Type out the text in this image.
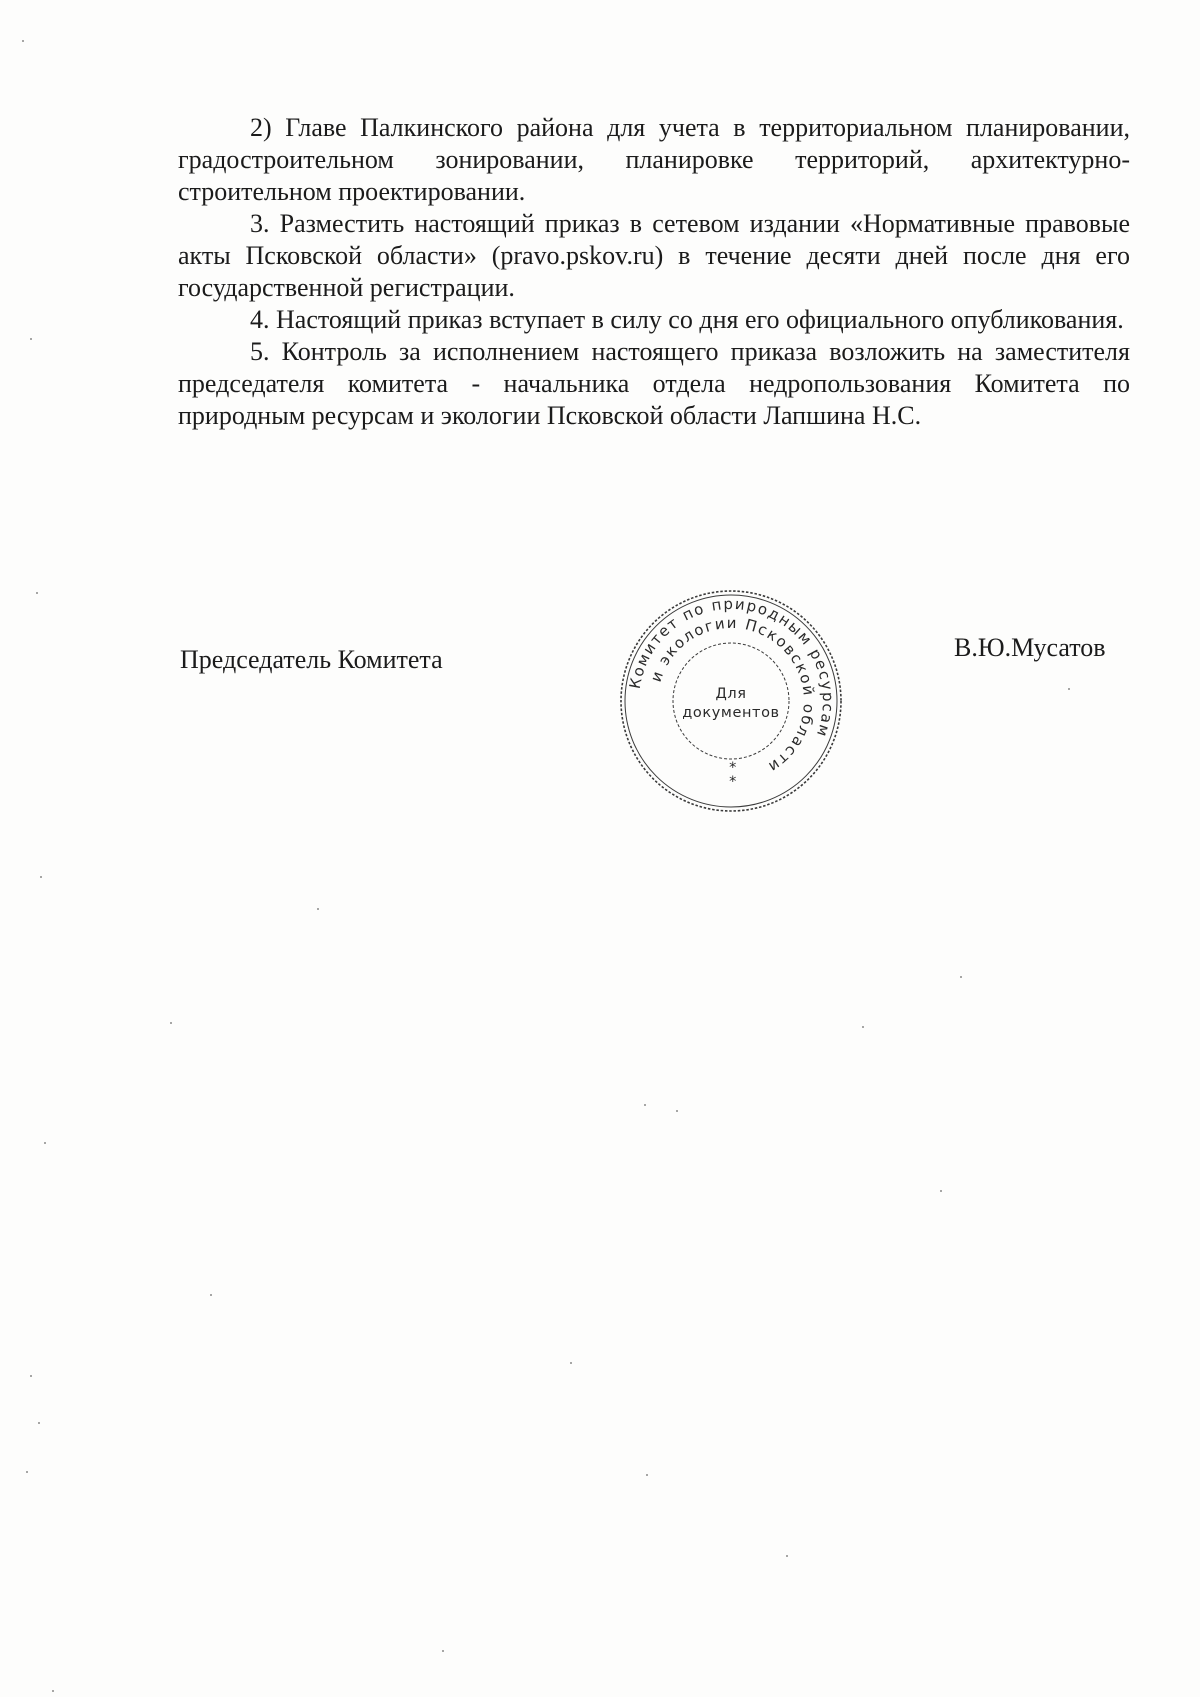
2) Главе Палкинского района для учета в территориальном планировании, градостроительном зонировании, планировке территорий, архитектурно-строительном проектировании.

3. Разместить настоящий приказ в сетевом издании «Нормативные правовые акты Псковской области» (pravo.pskov.ru) в течение десяти дней после дня его государственной регистрации.

4. Настоящий приказ вступает в силу со дня его официального опубликования.

5. Контроль за исполнением настоящего приказа возложить на заместителя председателя комитета - начальника отдела недропользования Комитета по природным ресурсам и экологии Псковской области Лапшина Н.С.

Председатель Комитета
Комитет по природным ресурсам
и экологии Псковской области
Для
документов
*
*
В.Ю.Мусатов
